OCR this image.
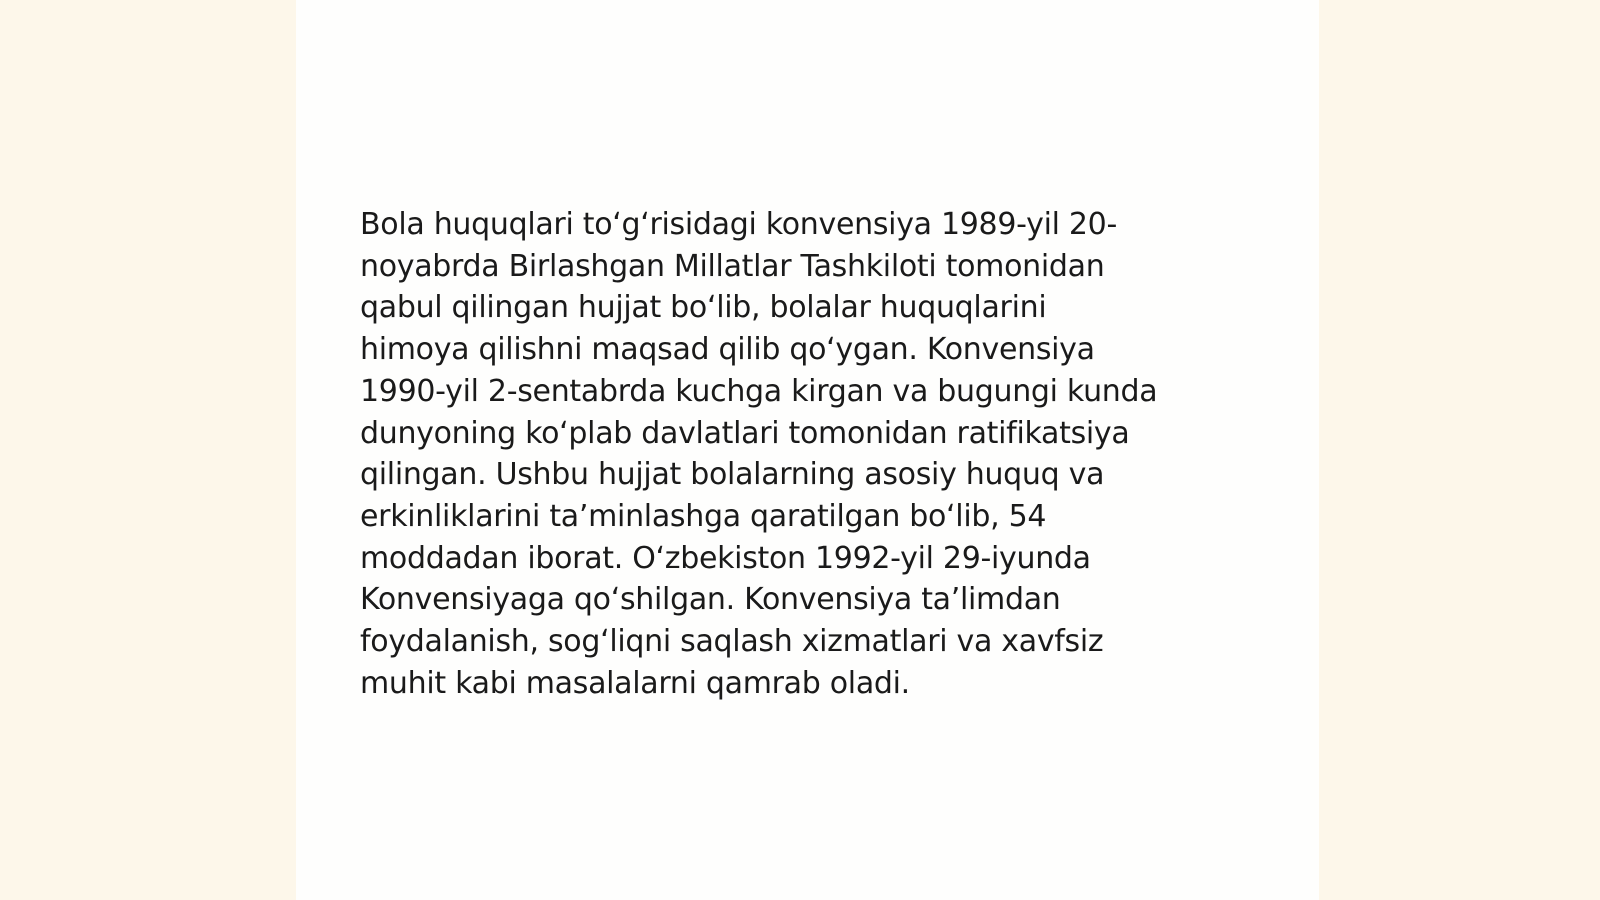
Bola huquqlari to‘g‘risidagi konvensiya 1989-yil 20-
noyabrda Birlashgan Millatlar Tashkiloti tomonidan
qabul qilingan hujjat bo‘lib, bolalar huquqlarini
himoya qilishni maqsad qilib qo‘ygan. Konvensiya
1990-yil 2-sentabrda kuchga kirgan va bugungi kunda
dunyoning ko‘plab davlatlari tomonidan ratifikatsiya
qilingan. Ushbu hujjat bolalarning asosiy huquq va
erkinliklarini ta’minlashga qaratilgan bo‘lib, 54
moddadan iborat. O‘zbekiston 1992-yil 29-iyunda
Konvensiyaga qo‘shilgan. Konvensiya ta’limdan
foydalanish, sog‘liqni saqlash xizmatlari va xavfsiz
muhit kabi masalalarni qamrab oladi.
